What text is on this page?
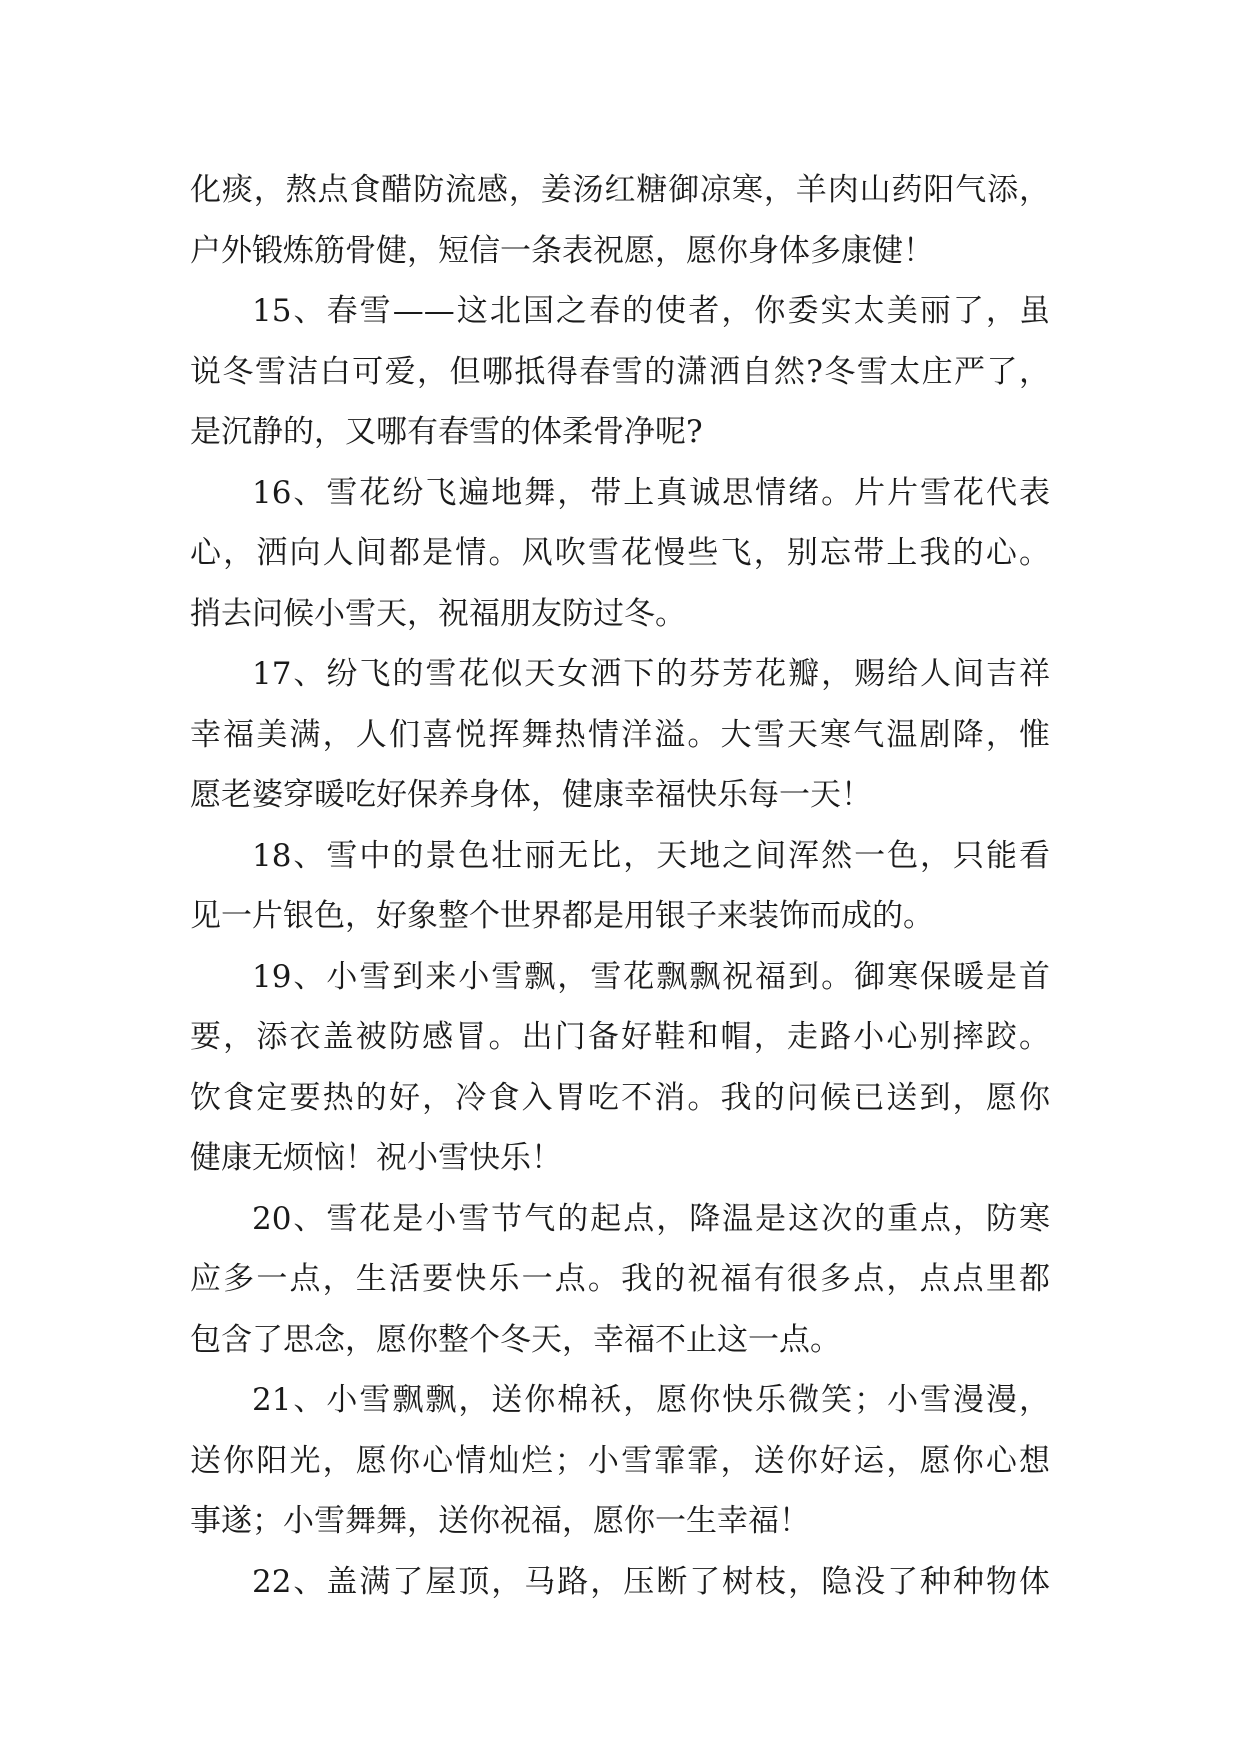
化痰，熬点食醋防流感，姜汤红糖御凉寒，羊肉山药阳气添，
户外锻炼筋骨健，短信一条表祝愿，愿你身体多康健！
15、春雪——这北国之春的使者，你委实太美丽了，虽
说冬雪洁白可爱，但哪抵得春雪的潇洒自然?冬雪太庄严了，
是沉静的，又哪有春雪的体柔骨净呢?
16、雪花纷飞遍地舞，带上真诚思情绪。片片雪花代表
心，洒向人间都是情。风吹雪花慢些飞，别忘带上我的心。
捎去问候小雪天，祝福朋友防过冬。
17、纷飞的雪花似天女洒下的芬芳花瓣，赐给人间吉祥
幸福美满，人们喜悦挥舞热情洋溢。大雪天寒气温剧降，惟
愿老婆穿暖吃好保养身体，健康幸福快乐每一天！
18、雪中的景色壮丽无比，天地之间浑然一色，只能看
见一片银色，好象整个世界都是用银子来装饰而成的。
19、小雪到来小雪飘，雪花飘飘祝福到。御寒保暖是首
要，添衣盖被防感冒。出门备好鞋和帽，走路小心别摔跤。
饮食定要热的好，冷食入胃吃不消。我的问候已送到，愿你
健康无烦恼！祝小雪快乐！
20、雪花是小雪节气的起点，降温是这次的重点，防寒
应多一点，生活要快乐一点。我的祝福有很多点，点点里都
包含了思念，愿你整个冬天，幸福不止这一点。
21、小雪飘飘，送你棉袄，愿你快乐微笑；小雪漫漫，
送你阳光，愿你心情灿烂；小雪霏霏，送你好运，愿你心想
事遂；小雪舞舞，送你祝福，愿你一生幸福！
22、盖满了屋顶，马路，压断了树枝，隐没了种种物体
